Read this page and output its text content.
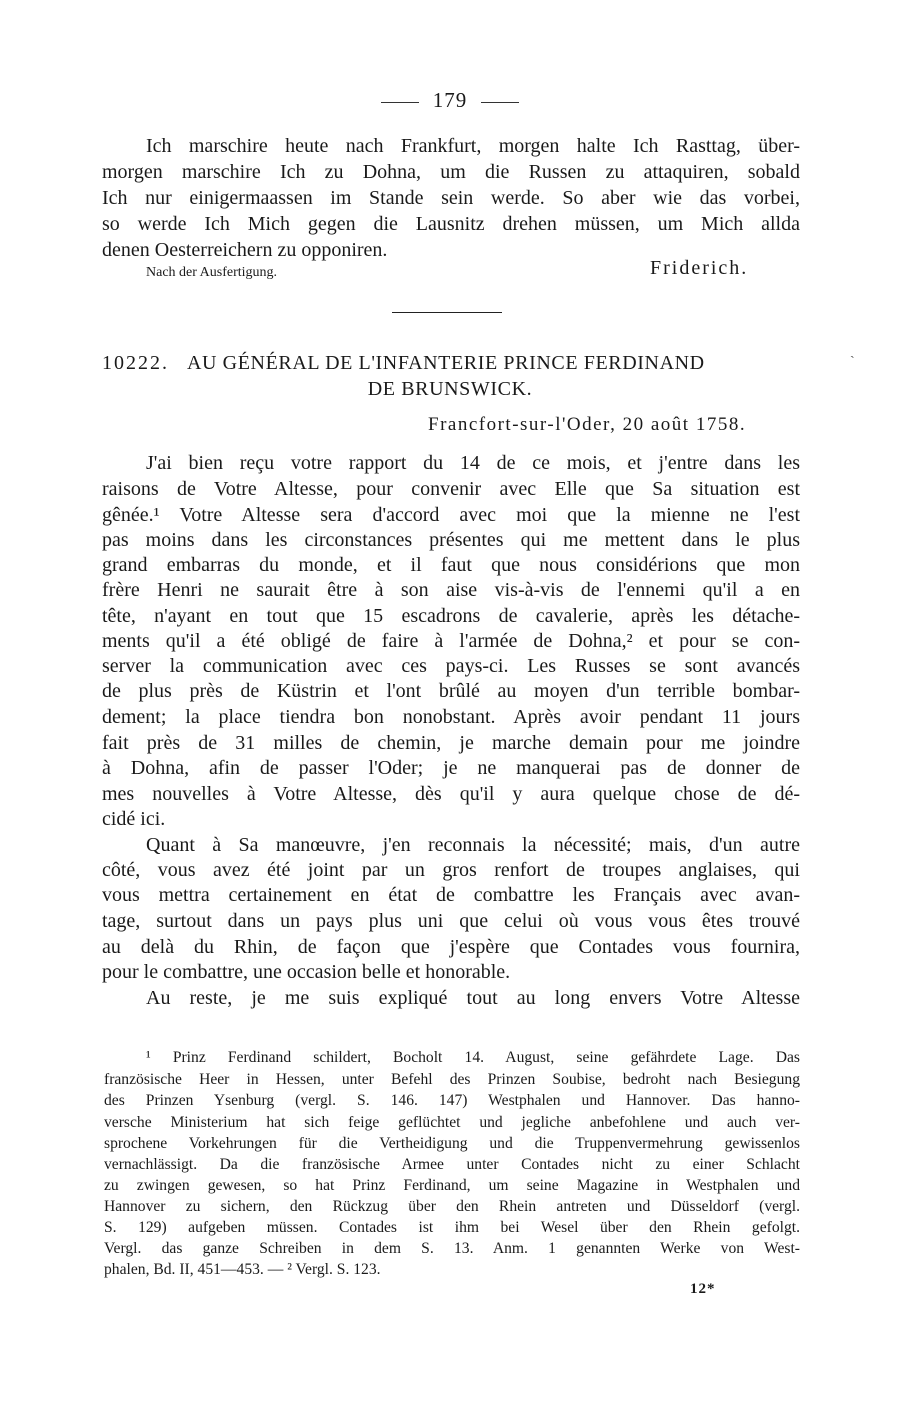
179
Ich marschire heute nach Frankfurt, morgen halte Ich Rasttag, über-
morgen marschire Ich zu Dohna, um die Russen zu attaquiren, sobald
Ich nur einigermaassen im Stande sein werde. So aber wie das vorbei,
so werde Ich Mich gegen die Lausnitz drehen müssen, um Mich allda
denen Oesterreichern zu opponiren.
Nach der Ausfertigung.	Friderich.
ˏ
10222. AU GÉNÉRAL DE L'INFANTERIE PRINCE FERDINAND
DE BRUNSWICK.
Francfort-sur-l'Oder, 20 août 1758.
J'ai bien reçu votre rapport du 14 de ce mois, et j'entre dans les
raisons de Votre Altesse, pour convenir avec Elle que Sa situation est
gênée.¹ Votre Altesse sera d'accord avec moi que la mienne ne l'est
pas moins dans les circonstances présentes qui me mettent dans le plus
grand embarras du monde, et il faut que nous considérions que mon
frère Henri ne saurait être à son aise vis-à-vis de l'ennemi qu'il a en
tête, n'ayant en tout que 15 escadrons de cavalerie, après les détache-
ments qu'il a été obligé de faire à l'armée de Dohna,² et pour se con-
server la communication avec ces pays-ci. Les Russes se sont avancés
de plus près de Küstrin et l'ont brûlé au moyen d'un terrible bombar-
dement; la place tiendra bon nonobstant. Après avoir pendant 11 jours
fait près de 31 milles de chemin, je marche demain pour me joindre
à Dohna, afin de passer l'Oder; je ne manquerai pas de donner de
mes nouvelles à Votre Altesse, dès qu'il y aura quelque chose de dé-
cidé ici.
Quant à Sa manœuvre, j'en reconnais la nécessité; mais, d'un autre
côté, vous avez été joint par un gros renfort de troupes anglaises, qui
vous mettra certainement en état de combattre les Français avec avan-
tage, surtout dans un pays plus uni que celui où vous vous êtes trouvé
au delà du Rhin, de façon que j'espère que Contades vous fournira,
pour le combattre, une occasion belle et honorable.
Au reste, je me suis expliqué tout au long envers Votre Altesse
¹ Prinz Ferdinand schildert, Bocholt 14. August, seine gefährdete Lage. Das
französische Heer in Hessen, unter Befehl des Prinzen Soubise, bedroht nach Besiegung
des Prinzen Ysenburg (vergl. S. 146. 147) Westphalen und Hannover. Das hanno-
versche Ministerium hat sich feige geflüchtet und jegliche anbefohlene und auch ver-
sprochene Vorkehrungen für die Vertheidigung und die Truppenvermehrung gewissenlos
vernachlässigt. Da die französische Armee unter Contades nicht zu einer Schlacht
zu zwingen gewesen, so hat Prinz Ferdinand, um seine Magazine in Westphalen und
Hannover zu sichern, den Rückzug über den Rhein antreten und Düsseldorf (vergl.
S. 129) aufgeben müssen. Contades ist ihm bei Wesel über den Rhein gefolgt.
Vergl. das ganze Schreiben in dem S. 13. Anm. 1 genannten Werke von West-
phalen, Bd. II, 451—453. — ² Vergl. S. 123.
12*
